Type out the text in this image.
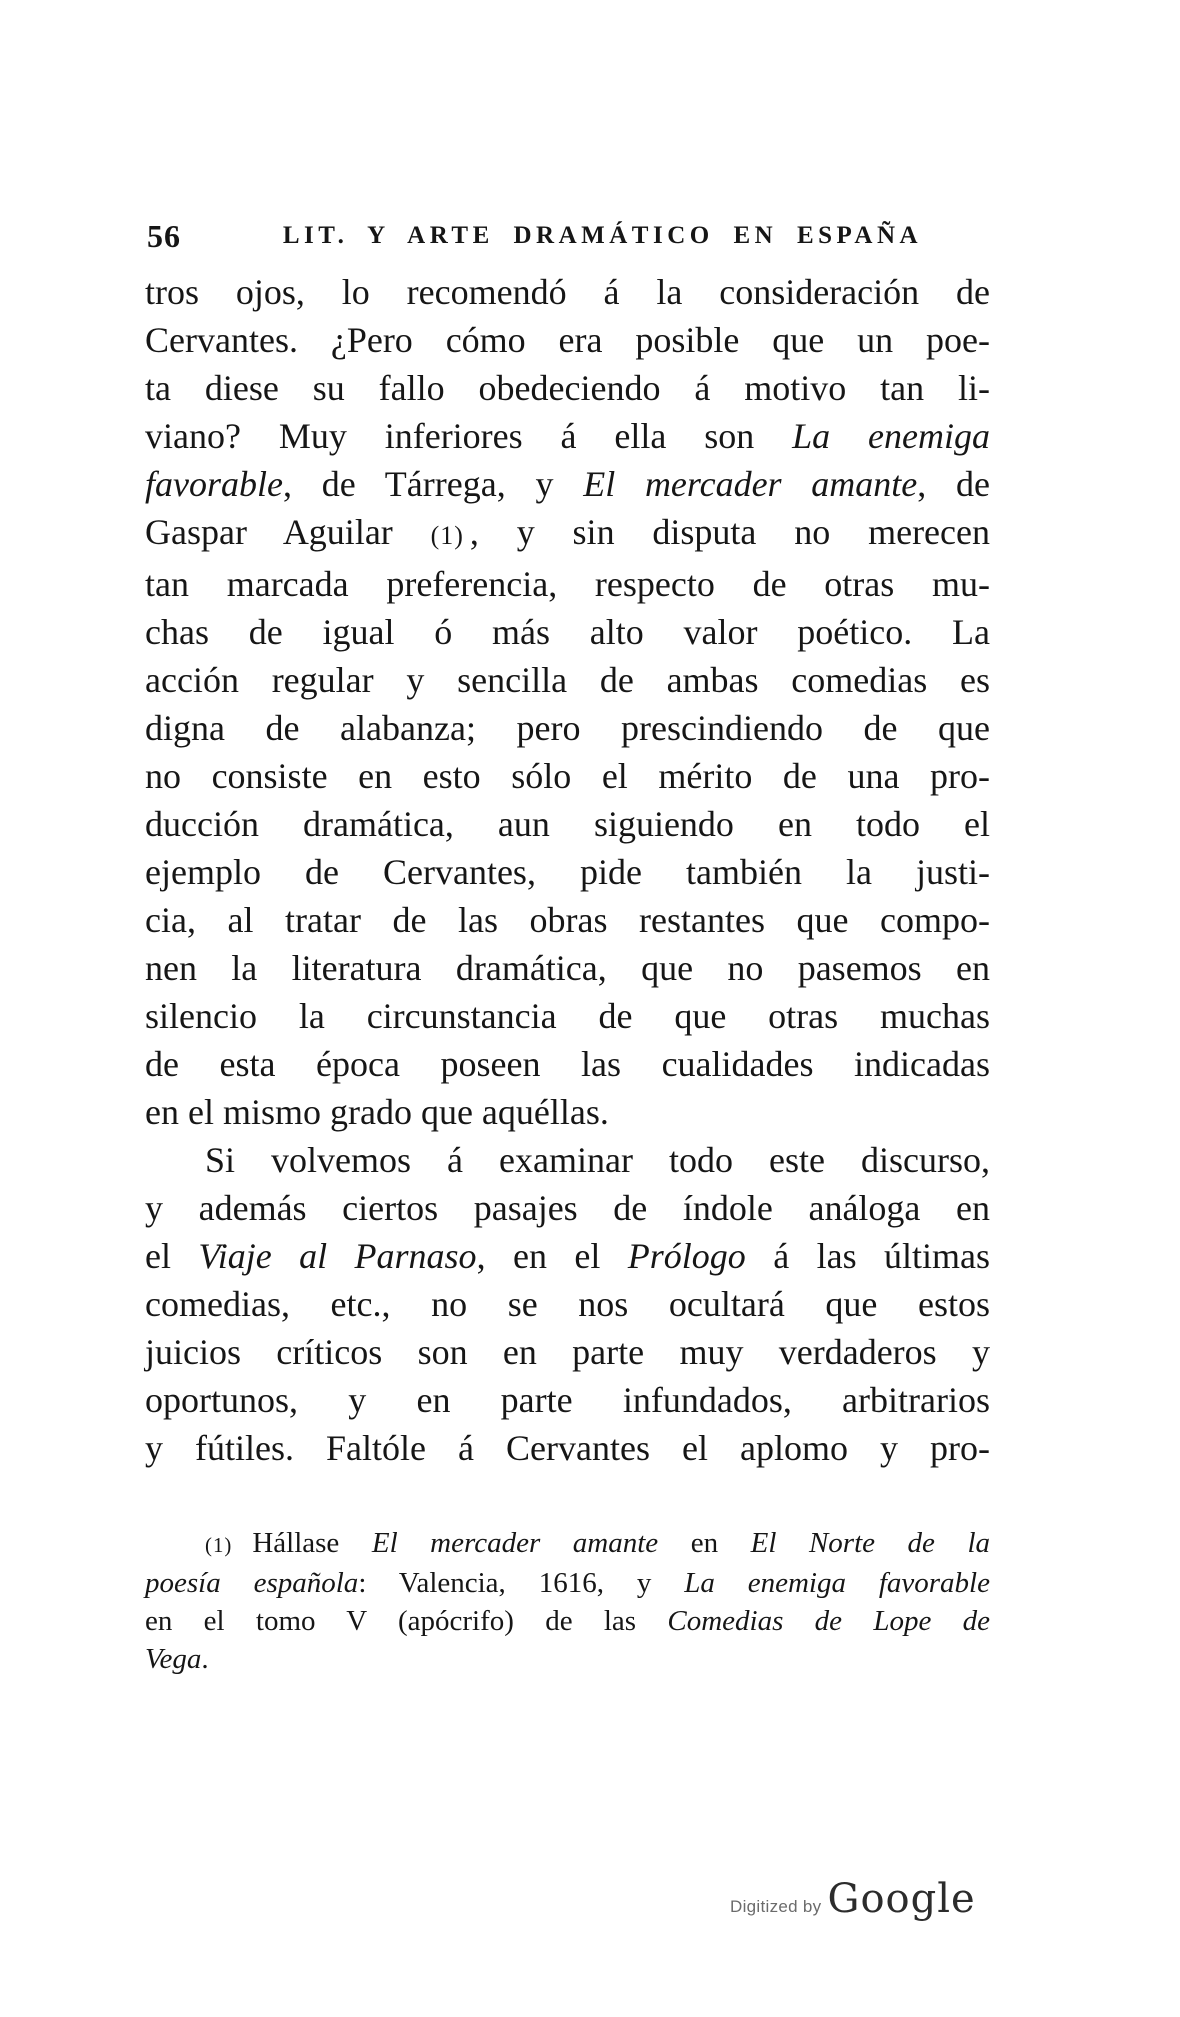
56	LIT. Y ARTE DRAMÁTICO EN ESPAÑA
tros ojos, lo recomendó á la consideración de
Cervantes. ¿Pero cómo era posible que un poe-
ta diese su fallo obedeciendo á motivo tan li-
viano? Muy inferiores á ella son La enemiga
favorable, de Tárrega, y El mercader amante, de
Gaspar Aguilar (1) , y sin disputa no merecen
tan marcada preferencia, respecto de otras mu-
chas de igual ó más alto valor poético. La
acción regular y sencilla de ambas comedias es
digna de alabanza; pero prescindiendo de que
no consiste en esto sólo el mérito de una pro-
ducción dramática, aun siguiendo en todo el
ejemplo de Cervantes, pide también la justi-
cia, al tratar de las obras restantes que compo-
nen la literatura dramática, que no pasemos en
silencio la circunstancia de que otras muchas
de esta época poseen las cualidades indicadas
en el mismo grado que aquéllas.
Si volvemos á examinar todo este discurso,
y además ciertos pasajes de índole análoga en
el Viaje al Parnaso, en el Prólogo á las últimas
comedias, etc., no se nos ocultará que estos
juicios críticos son en parte muy verdaderos y
oportunos, y en parte infundados, arbitrarios
y fútiles. Faltóle á Cervantes el aplomo y pro-
(1) Hállase El mercader amante en El Norte de la
poesía española: Valencia, 1616, y La enemiga favorable
en el tomo V (apócrifo) de las Comedias de Lope de
Vega.
Digitized by Google
